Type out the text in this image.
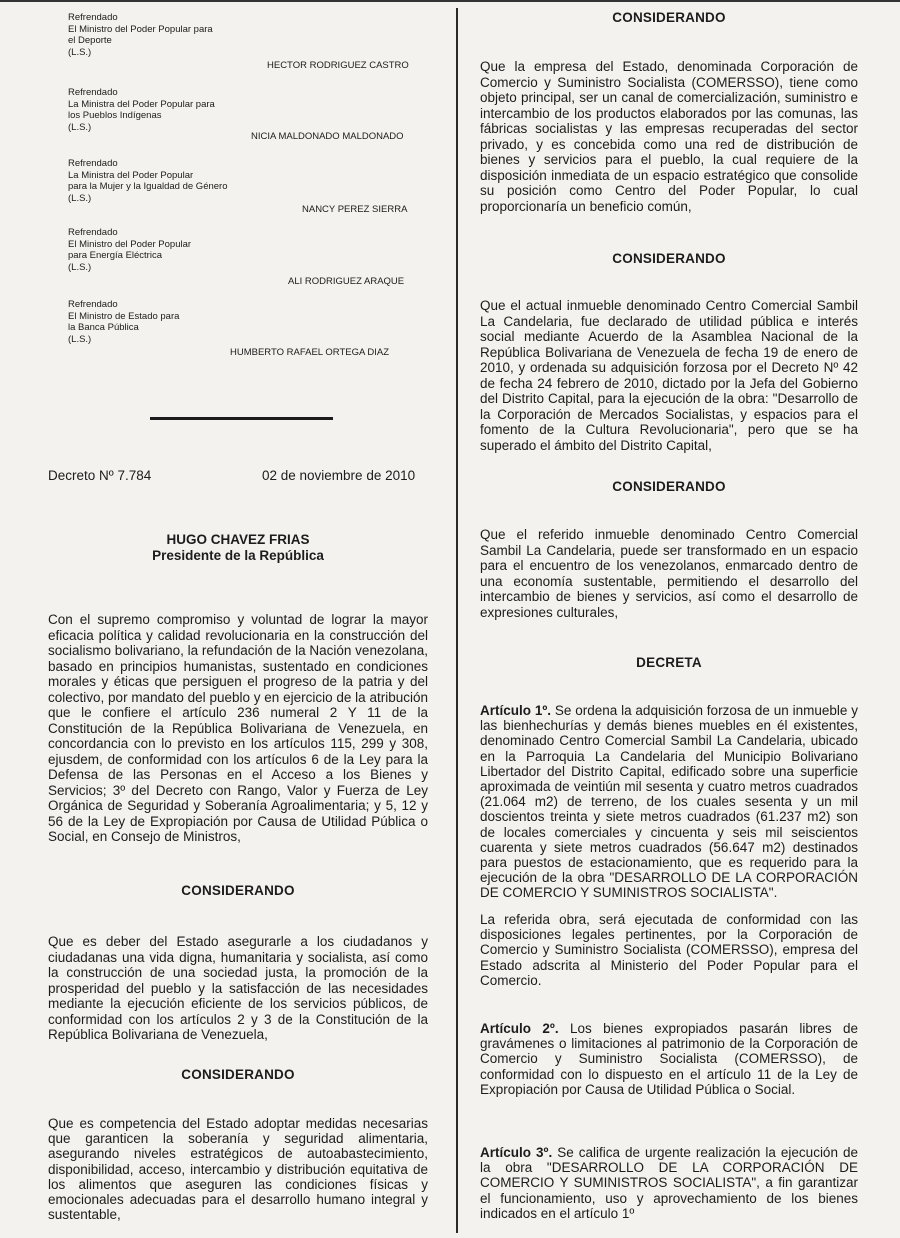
Refrendado
El Ministro del Poder Popular para
el Deporte
(L.S.)
HECTOR RODRIGUEZ CASTRO
Refrendado
La Ministra del Poder Popular para
los Pueblos Indígenas
(L.S.)
NICIA MALDONADO MALDONADO
Refrendado
La Ministra del Poder Popular
para la Mujer y la Igualdad de Género
(L.S.)
NANCY PEREZ SIERRA
Refrendado
El Ministro del Poder Popular
para Energía Eléctrica
(L.S.)
ALI RODRIGUEZ ARAQUE
Refrendado
El Ministro de Estado para
la Banca Pública
(L.S.)
HUMBERTO RAFAEL ORTEGA DIAZ
Decreto Nº 7.784	02 de noviembre de 2010
HUGO CHAVEZ FRIAS
Presidente de la República

Con el supremo compromiso y voluntad de lograr la mayor eficacia política y calidad revolucionaria en la construcción del socialismo bolivariano, la refundación de la Nación venezolana, basado en principios humanistas, sustentado en condiciones morales y éticas que persiguen el progreso de la patria y del colectivo, por mandato del pueblo y en ejercicio de la atribución que le confiere el artículo 236 numeral 2 Y 11 de la Constitución de la República Bolivariana de Venezuela, en concordancia con lo previsto en los artículos 115, 299 y 308, ejusdem, de conformidad con los artículos 6 de la Ley para la Defensa de las Personas en el Acceso a los Bienes y Servicios; 3º del Decreto con Rango, Valor y Fuerza de Ley Orgánica de Seguridad y Soberanía Agroalimentaria; y 5, 12 y 56 de la Ley de Expropiación por Causa de Utilidad Pública o Social, en Consejo de Ministros,

CONSIDERANDO

Que es deber del Estado asegurarle a los ciudadanos y ciudadanas una vida digna, humanitaria y socialista, así como la construcción de una sociedad justa, la promoción de la prosperidad del pueblo y la satisfacción de las necesidades mediante la ejecución eficiente de los servicios públicos, de conformidad con los artículos 2 y 3 de la Constitución de la República Bolivariana de Venezuela,

CONSIDERANDO

Que es competencia del Estado adoptar medidas necesarias que garanticen la soberanía y seguridad alimentaria, asegurando niveles estratégicos de autoabastecimiento, disponibilidad, acceso, intercambio y distribución equitativa de los alimentos que aseguren las condiciones físicas y emocionales adecuadas para el desarrollo humano integral y sustentable,

CONSIDERANDO

Que la empresa del Estado, denominada Corporación de Comercio y Suministro Socialista (COMERSSO), tiene como objeto principal, ser un canal de comercialización, suministro e intercambio de los productos elaborados por las comunas, las fábricas socialistas y las empresas recuperadas del sector privado, y es concebida como una red de distribución de bienes y servicios para el pueblo, la cual requiere de la disposición inmediata de un espacio estratégico que consolide su posición como Centro del Poder Popular, lo cual proporcionaría un beneficio común,

CONSIDERANDO

Que el actual inmueble denominado Centro Comercial Sambil La Candelaria, fue declarado de utilidad pública e interés social mediante Acuerdo de la Asamblea Nacional de la República Bolivariana de Venezuela de fecha 19 de enero de 2010, y ordenada su adquisición forzosa por el Decreto Nº 42 de fecha 24 febrero de 2010, dictado por la Jefa del Gobierno del Distrito Capital, para la ejecución de la obra: "Desarrollo de la Corporación de Mercados Socialistas, y espacios para el fomento de la Cultura Revolucionaria", pero que se ha superado el ámbito del Distrito Capital,

CONSIDERANDO

Que el referido inmueble denominado Centro Comercial Sambil La Candelaria, puede ser transformado en un espacio para el encuentro de los venezolanos, enmarcado dentro de una economía sustentable, permitiendo el desarrollo del intercambio de bienes y servicios, así como el desarrollo de expresiones culturales,

DECRETA

Artículo 1º. Se ordena la adquisición forzosa de un inmueble y las bienhechurías y demás bienes muebles en él existentes, denominado Centro Comercial Sambil La Candelaria, ubicado en la Parroquia La Candelaria del Municipio Bolivariano Libertador del Distrito Capital, edificado sobre una superficie aproximada de veintiún mil sesenta y cuatro metros cuadrados (21.064 m2) de terreno, de los cuales sesenta y un mil doscientos treinta y siete metros cuadrados (61.237 m2) son de locales comerciales y cincuenta y seis mil seiscientos cuarenta y siete metros cuadrados (56.647 m2) destinados para puestos de estacionamiento, que es requerido para la ejecución de la obra "DESARROLLO DE LA CORPORACIÓN DE COMERCIO Y SUMINISTROS SOCIALISTA".

La referida obra, será ejecutada de conformidad con las disposiciones legales pertinentes, por la Corporación de Comercio y Suministro Socialista (COMERSSO), empresa del Estado adscrita al Ministerio del Poder Popular para el Comercio.

Artículo 2º. Los bienes expropiados pasarán libres de gravámenes o limitaciones al patrimonio de la Corporación de Comercio y Suministro Socialista (COMERSSO), de conformidad con lo dispuesto en el artículo 11 de la Ley de Expropiación por Causa de Utilidad Pública o Social.

Artículo 3º. Se califica de urgente realización la ejecución de la obra "DESARROLLO DE LA CORPORACIÓN DE COMERCIO Y SUMINISTROS SOCIALISTA", a fin garantizar el funcionamiento, uso y aprovechamiento de los bienes indicados en el artículo 1º
